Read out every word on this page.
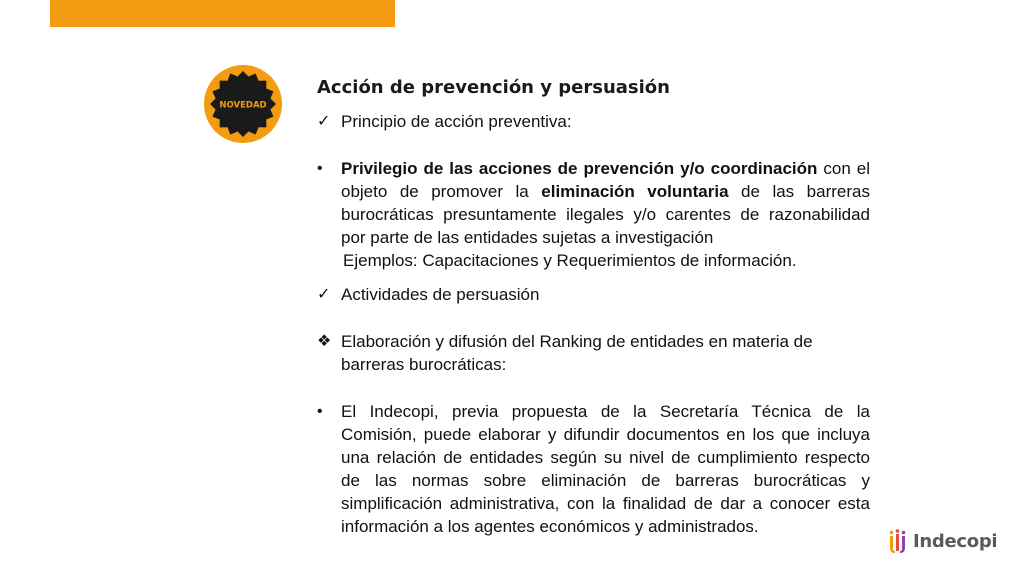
NOVEDAD
Acción de prevención y persuasión
✓ Principio de acción preventiva:
•	Privilegio de las acciones de prevención y/o coordinación con el objeto de promover la eliminación voluntaria de las barreras burocráticas presuntamente ilegales y/o carentes de razonabilidad por parte de las entidades sujetas a investigación
Ejemplos: Capacitaciones y Requerimientos de información.
✓ Actividades de persuasión
❖ Elaboración y difusión del Ranking de entidades en materia de barreras burocráticas:
•	El Indecopi, previa propuesta de la Secretaría Técnica de la Comisión, puede elaborar y difundir documentos en los que incluya una relación de entidades según su nivel de cumplimiento respecto de las normas sobre eliminación de barreras burocráticas y simplificación administrativa, con la finalidad de dar a conocer esta información a los agentes económicos y administrados.
Indecopi
